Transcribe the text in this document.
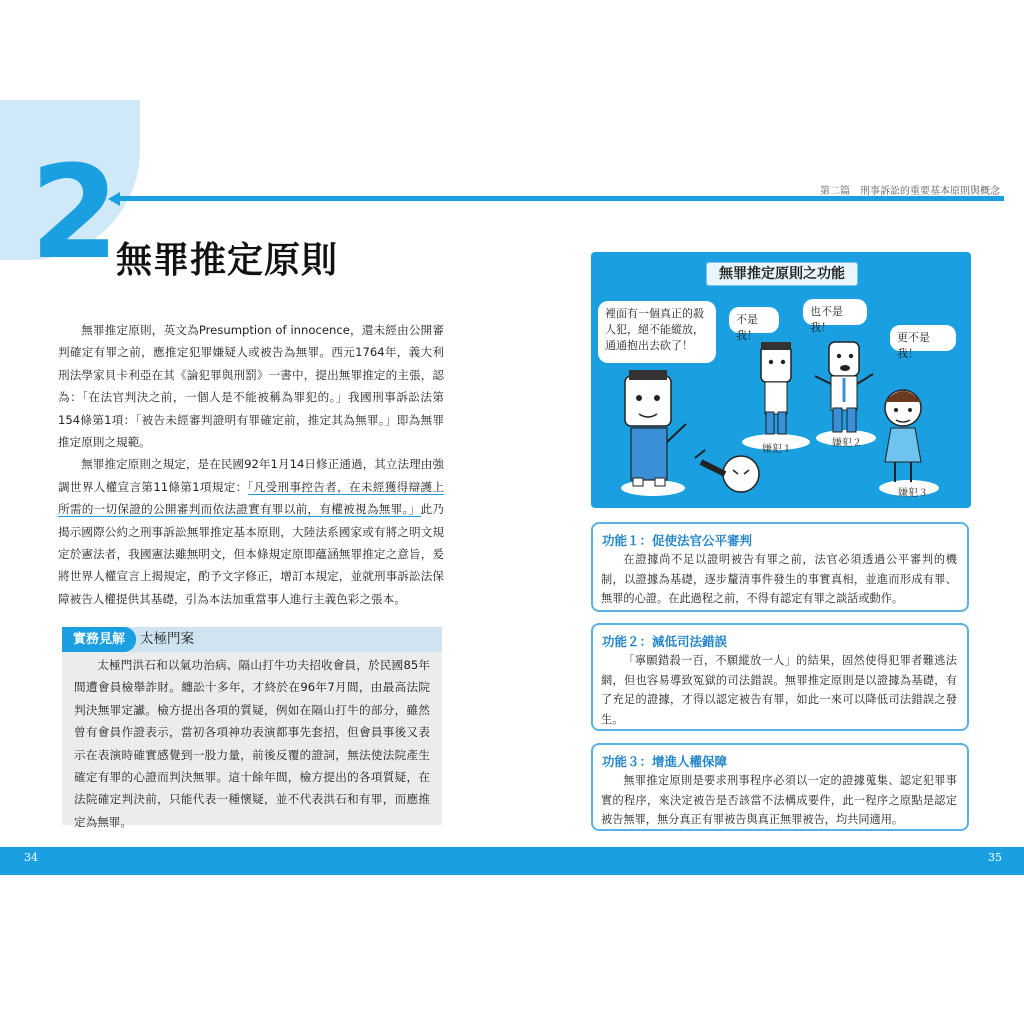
2	第二篇　刑事訴訟的重要基本原則與概念
無罪推定原則

無罪推定原則，英文為Presumption of innocence，還未經由公開審判確定有罪之前，應推定犯罪嫌疑人或被告為無罪。西元1764年，義大利刑法學家貝卡利亞在其《論犯罪與刑罰》一書中，提出無罪推定的主張，認為：「在法官判決之前，一個人是不能被稱為罪犯的。」我國刑事訴訟法第154條第1項：「被告未經審判證明有罪確定前，推定其為無罪。」即為無罪推定原則之規範。

無罪推定原則之規定，是在民國92年1月14日修正通過，其立法理由強調世界人權宣言第11條第1項規定：「凡受刑事控告者，在未經獲得辯護上所需的一切保證的公開審判而依法證實有罪以前，有權被視為無罪。」此乃揭示國際公約之刑事訴訟無罪推定基本原則，大陸法系國家或有將之明文規定於憲法者，我國憲法雖無明文，但本條規定原即蘊涵無罪推定之意旨，爰將世界人權宣言上揭規定，酌予文字修正，增訂本規定，並就刑事訴訟法保障被告人權提供其基礎，引為本法加重當事人進行主義色彩之張本。

實務見解	太極門案

太極門洪石和以氣功治病、隔山打牛功夫招收會員，於民國85年間遭會員檢舉詐財。纏訟十多年，才終於在96年7月間，由最高法院判決無罪定讞。檢方提出各項的質疑，例如在隔山打牛的部分，雖然曾有會員作證表示，當初各項神功表演都事先套招，但會員事後又表示在表演時確實感覺到一股力量，前後反覆的證詞，無法使法院產生確定有罪的心證而判決無罪。這十餘年間，檢方提出的各項質疑，在法院確定判決前，只能代表一種懷疑，並不代表洪石和有罪，而應推定為無罪。

無罪推定原則之功能
裡面有一個真正的殺人犯，絕不能縱放，通通抱出去砍了！
不是我！
也不是我！
更不是我！
嫌犯１
嫌犯２
嫌犯３
功能１：促使法官公平審判
在證據尚不足以證明被告有罪之前，法官必須透過公平審判的機制，以證據為基礎，逐步釐清事件發生的事實真相，並進而形成有罪、無罪的心證。在此過程之前，不得有認定有罪之談話或動作。
功能２：減低司法錯誤
「寧願錯殺一百，不願縱放一人」的結果，固然使得犯罪者難逃法網，但也容易導致冤獄的司法錯誤。無罪推定原則是以證據為基礎，有了充足的證據，才得以認定被告有罪，如此一來可以降低司法錯誤之發生。
功能３：增進人權保障
無罪推定原則是要求刑事程序必須以一定的證據蒐集、認定犯罪事實的程序，來決定被告是否該當不法構成要件，此一程序之原點是認定被告無罪，無分真正有罪被告與真正無罪被告，均共同適用。
34	35
